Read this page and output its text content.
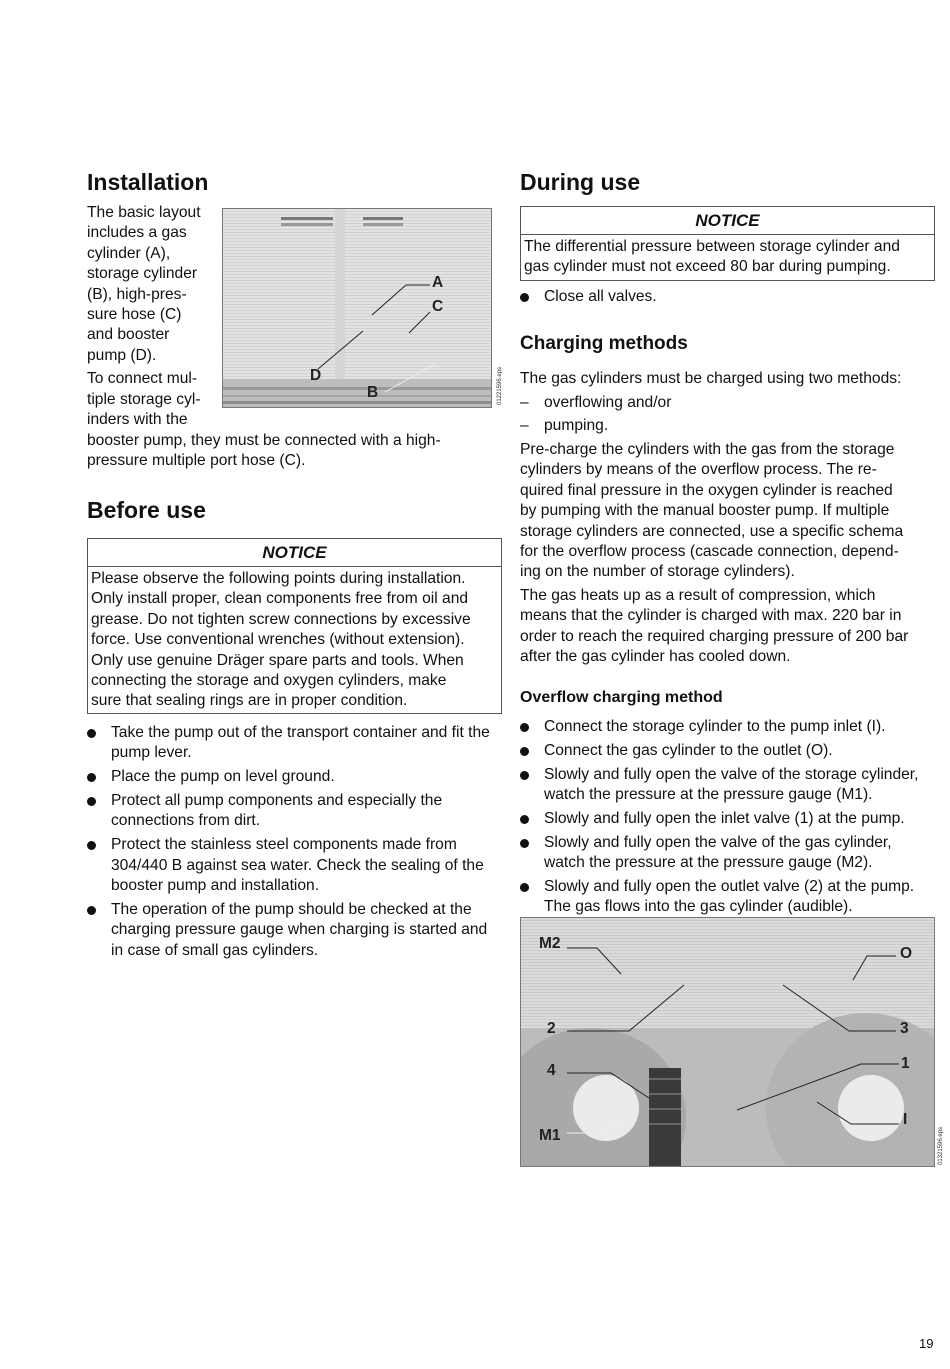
Installation
The basic layout
includes a gas
cylinder (A),
storage cylinder
(B), high-pres-
sure hose (C)
and booster
pump (D).
To connect mul-
tiple storage cyl-
inders with the
booster pump, they must be connected with a high-
pressure multiple port hose (C).
A
C
D
B	01221596.eps
Before use
NOTICE
Please observe the following points during installation.
Only install proper, clean components free from oil and
grease. Do not tighten screw connections by excessive
force. Use conventional wrenches (without extension).
Only use genuine Dräger spare parts and tools. When
connecting the storage and oxygen cylinders, make
sure that sealing rings are in proper condition.
Take the pump out of the transport container and fit the pump lever.
Place the pump on level ground.
Protect all pump components and especially the connections from dirt.
Protect the stainless steel components made from 304/440 B against sea water. Check the sealing of the booster pump and installation.
The operation of the pump should be checked at the charging pressure gauge when charging is started and in case of small gas cylinders.
During use
NOTICE
The differential pressure between storage cylinder and
gas cylinder must not exceed 80 bar during pumping.
Close all valves.
Charging methods
The gas cylinders must be charged using two methods:
– overflowing and/or
– pumping.
Pre-charge the cylinders with the gas from the storage
cylinders by means of the overflow process. The re-
quired final pressure in the oxygen cylinder is reached
by pumping with the manual booster pump. If multiple
storage cylinders are connected, use a specific schema
for the overflow process (cascade connection, depend-
ing on the number of storage cylinders).
The gas heats up as a result of compression, which
means that the cylinder is charged with max. 220 bar in
order to reach the required charging pressure of 200 bar
after the gas cylinder has cooled down.
Overflow charging method
Connect the storage cylinder to the pump inlet (I).
Connect the gas cylinder to the outlet (O).
Slowly and fully open the valve of the storage cylinder, watch the pressure at the pressure gauge (M1).
Slowly and fully open the inlet valve (1) at the pump.
Slowly and fully open the valve of the gas cylinder, watch the pressure at the pressure gauge (M2).
Slowly and fully open the outlet valve (2) at the pump. The gas flows into the gas cylinder (audible).
M2
O
2	3
4	1
M1
I
01321596.eps
19
